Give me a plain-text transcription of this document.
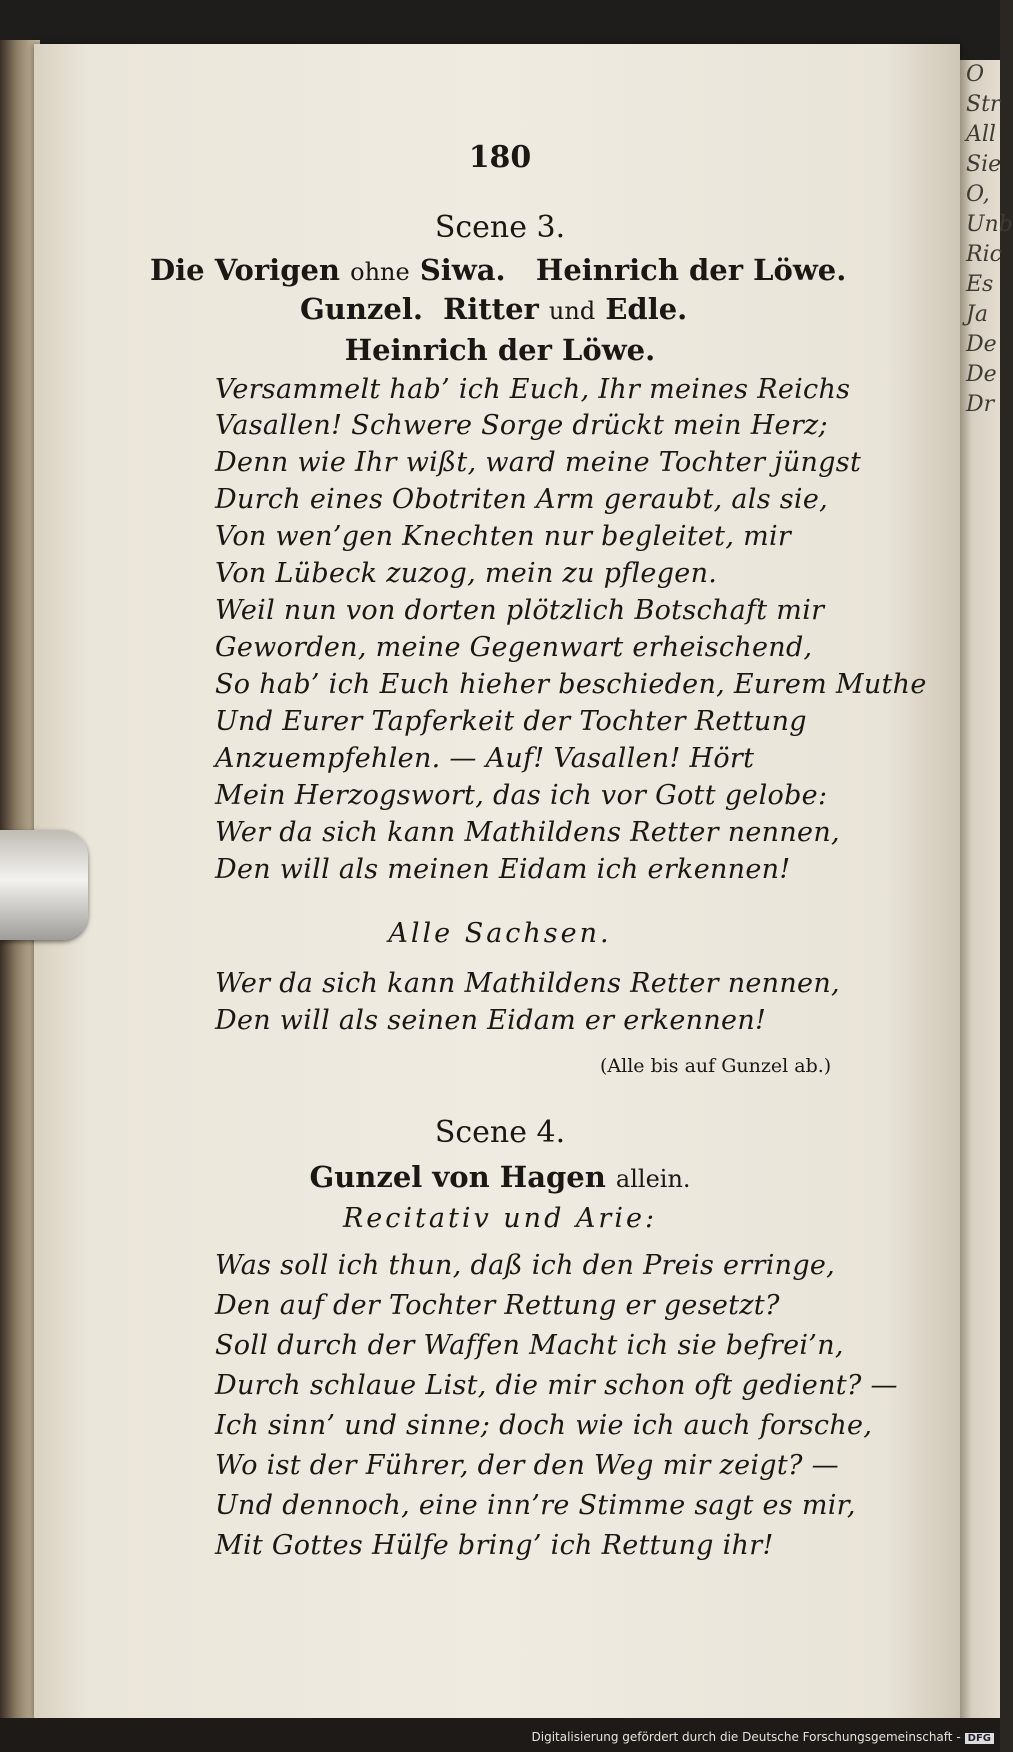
O
Str
All
Sie
O,
Unb
Ric
Es
Ja
De
De
Dr
180
Scene 3.
Die Vorigen ohne Siwa. Heinrich der Löwe.
Gunzel. Ritter und Edle.
Heinrich der Löwe.
Versammelt hab’ ich Euch, Ihr meines Reichs
Vasallen! Schwere Sorge drückt mein Herz;
Denn wie Ihr wißt, ward meine Tochter jüngst
Durch eines Obotriten Arm geraubt, als sie,
Von wen’gen Knechten nur begleitet, mir
Von Lübeck zuzog, mein zu pflegen.
Weil nun von dorten plötzlich Botschaft mir
Geworden, meine Gegenwart erheischend,
So hab’ ich Euch hieher beschieden, Eurem Muthe
Und Eurer Tapferkeit der Tochter Rettung
Anzuempfehlen. — Auf! Vasallen! Hört
Mein Herzogswort, das ich vor Gott gelobe:
Wer da sich kann Mathildens Retter nennen,
Den will als meinen Eidam ich erkennen!
Alle Sachsen.
Wer da sich kann Mathildens Retter nennen,
Den will als seinen Eidam er erkennen!
(Alle bis auf Gunzel ab.)
Scene 4.
Gunzel von Hagen allein.
Recitativ und Arie:
Was soll ich thun, daß ich den Preis erringe,
Den auf der Tochter Rettung er gesetzt?
Soll durch der Waffen Macht ich sie befrei’n,
Durch schlaue List, die mir schon oft gedient? —
Ich sinn’ und sinne; doch wie ich auch forsche,
Wo ist der Führer, der den Weg mir zeigt? —
Und dennoch, eine inn’re Stimme sagt es mir,
Mit Gottes Hülfe bring’ ich Rettung ihr!
Digitalisierung gefördert durch die Deutsche Forschungsgemeinschaft - DFG
